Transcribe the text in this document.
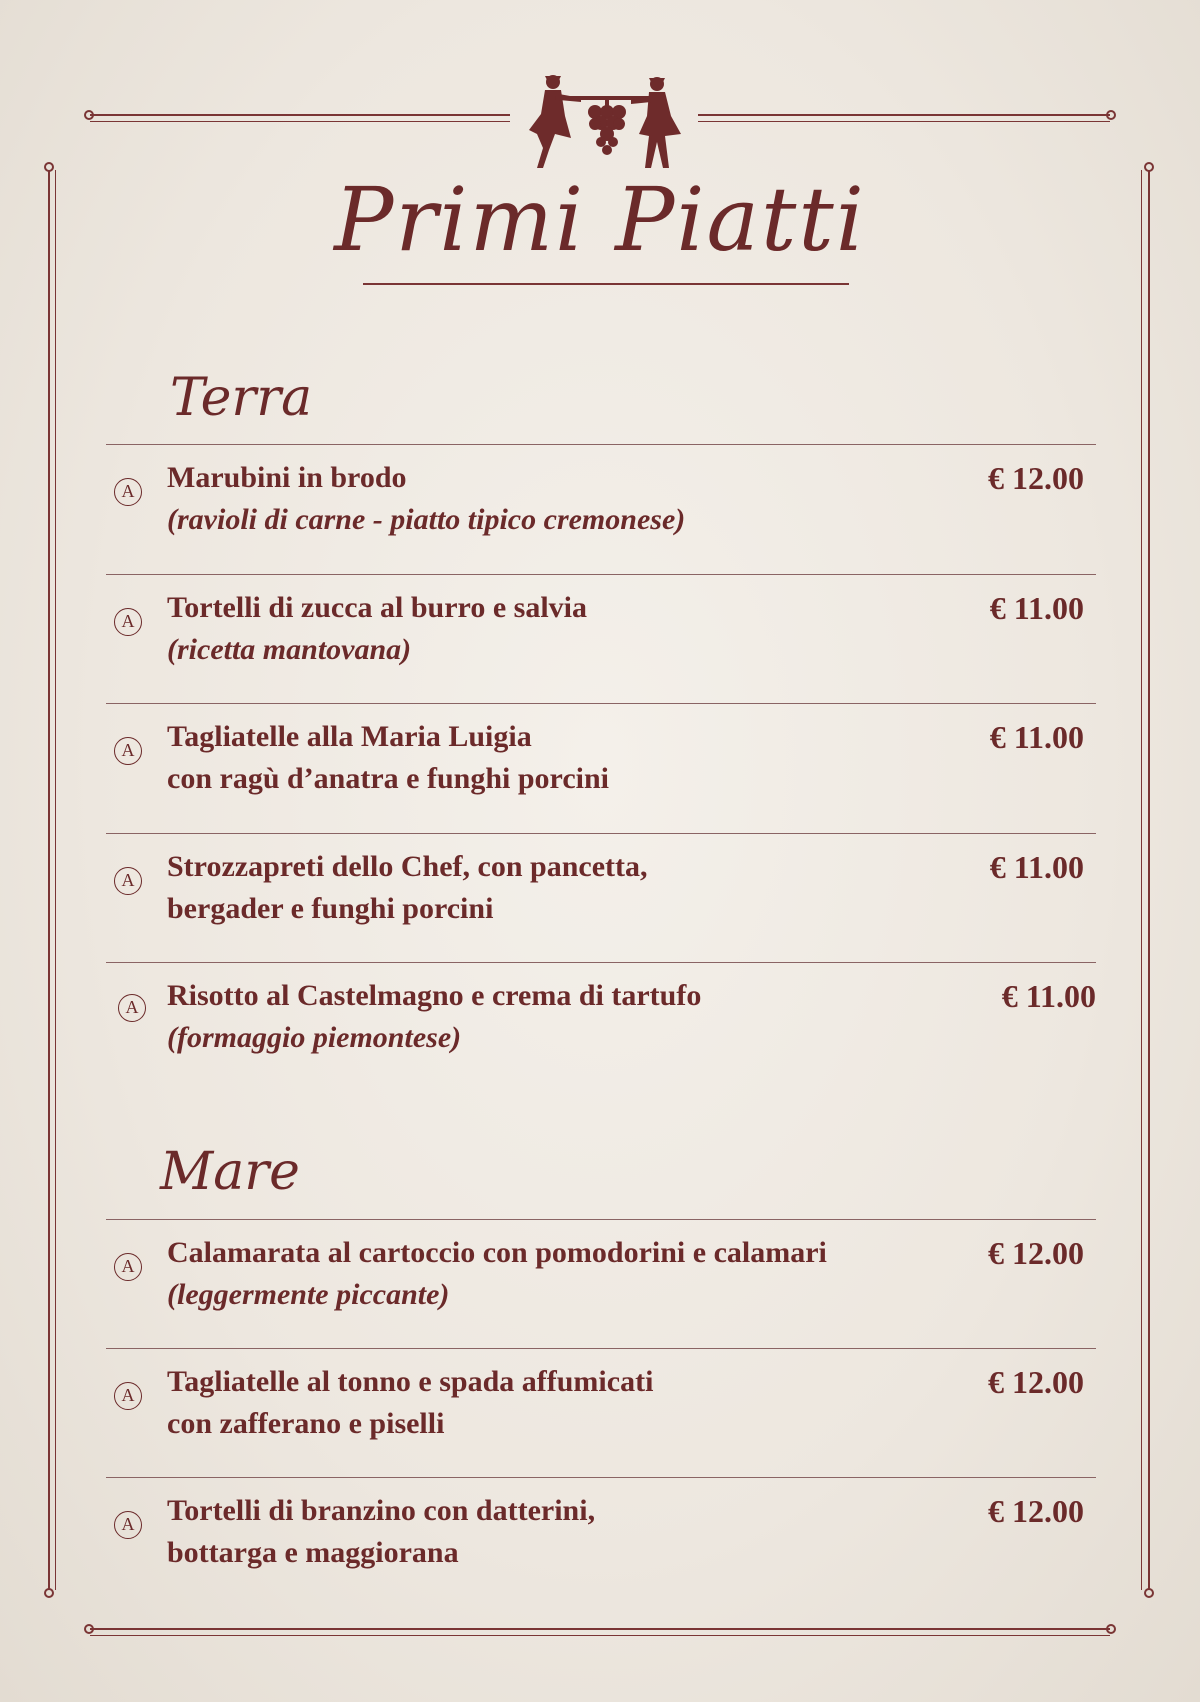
Primi Piatti
Terra
A Marubini in brodo
(ravioli di carne - piatto tipico cremonese)
€ 12.00
A Tortelli di zucca al burro e salvia
(ricetta mantovana)
€ 11.00
A Tagliatelle alla Maria Luigia
con ragù d’anatra e funghi porcini
€ 11.00
A Strozzapreti dello Chef, con pancetta,
bergader e funghi porcini
€ 11.00
A Risotto al Castelmagno e crema di tartufo
(formaggio piemontese)
€ 11.00
Mare
A Calamarata al cartoccio con pomodorini e calamari
(leggermente piccante)
€ 12.00
A Tagliatelle al tonno e spada affumicati
con zafferano e piselli
€ 12.00
A Tortelli di branzino con datterini,
bottarga e maggiorana
€ 12.00
